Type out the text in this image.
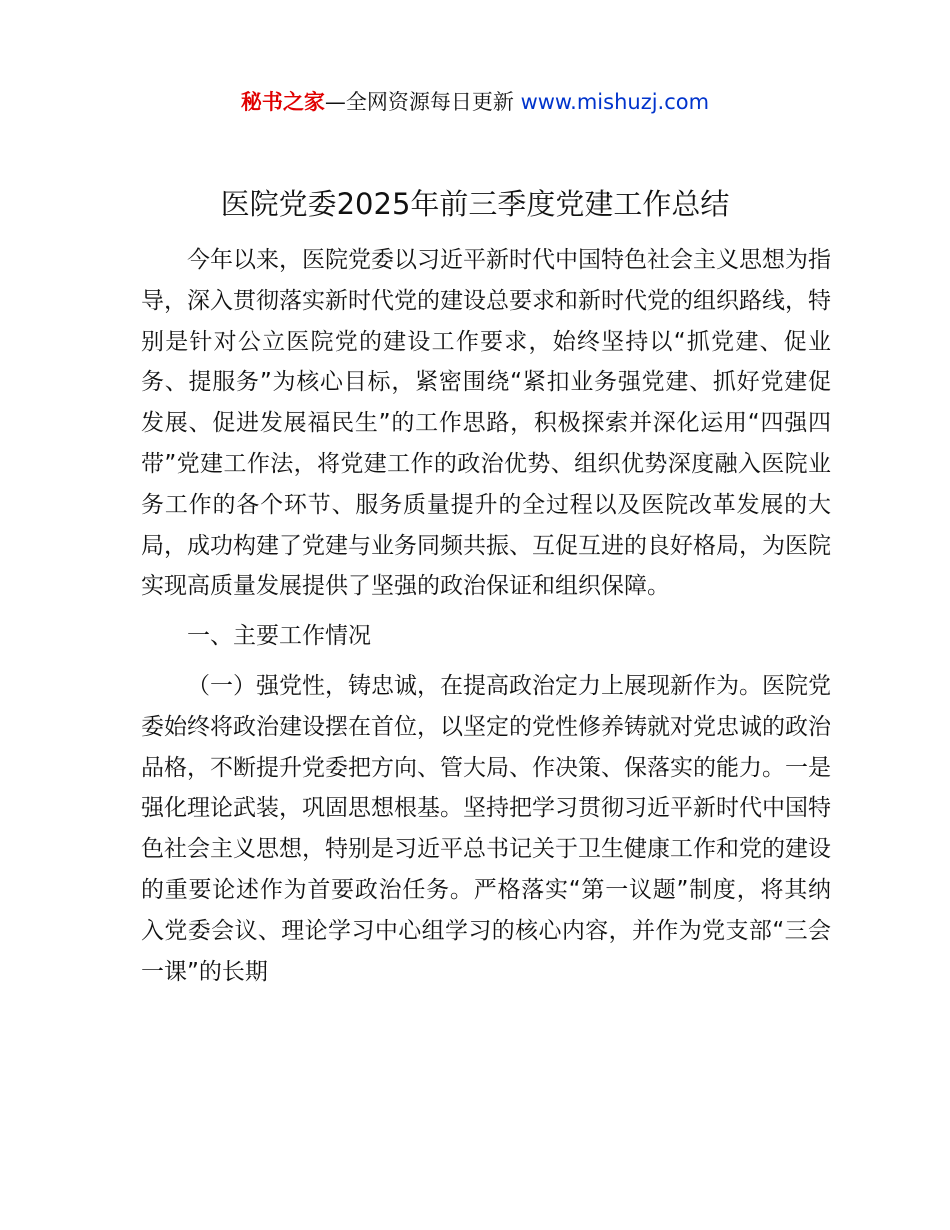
秘书之家—全网资源每日更新 www.mishuzj.com
医院党委2025年前三季度党建工作总结

今年以来，医院党委以习近平新时代中国特色社会主义思想为指导，深入贯彻落实新时代党的建设总要求和新时代党的组织路线，特别是针对公立医院党的建设工作要求，始终坚持以“抓党建、促业务、提服务”为核心目标，紧密围绕“紧扣业务强党建、抓好党建促发展、促进发展福民生”的工作思路，积极探索并深化运用“四强四带”党建工作法，将党建工作的政治优势、组织优势深度融入医院业务工作的各个环节、服务质量提升的全过程以及医院改革发展的大局，成功构建了党建与业务同频共振、互促互进的良好格局，为医院实现高质量发展提供了坚强的政治保证和组织保障。

一、主要工作情况

（一）强党性，铸忠诚，在提高政治定力上展现新作为。医院党委始终将政治建设摆在首位，以坚定的党性修养铸就对党忠诚的政治品格，不断提升党委把方向、管大局、作决策、保落实的能力。一是强化理论武装，巩固思想根基。坚持把学习贯彻习近平新时代中国特色社会主义思想，特别是习近平总书记关于卫生健康工作和党的建设的重要论述作为首要政治任务。严格落实“第一议题”制度，将其纳入党委会议、理论学习中心组学习的核心内容，并作为党支部“三会一课”的长期
